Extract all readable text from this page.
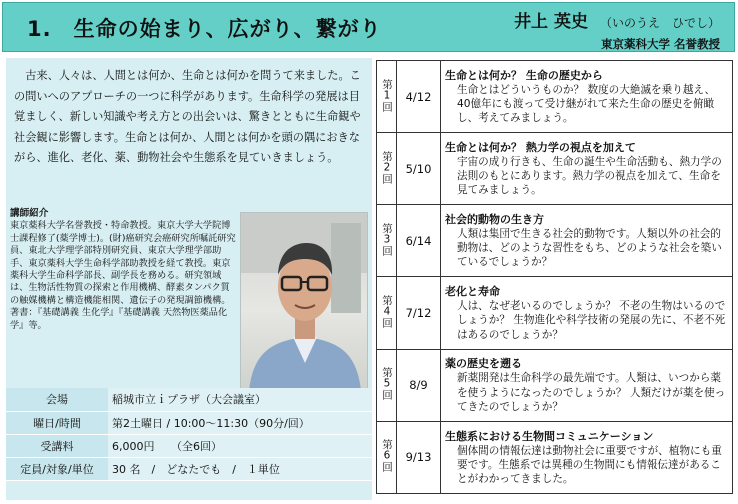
1.　生命の始まり、広がり、繋がり	井上 英史 （いのうえ　ひでし）
東京薬科大学 名誉教授
古来、人々は、人間とは何か、生命とは何かを問うて来ました。この問いへのアプローチの一つに科学があります。生命科学の発展は目覚ましく、新しい知識や考え方との出会いは、驚きとともに生命観や社会観に影響します。生命とは何か、人間とは何かを頭の隅におきながら、進化、老化、薬、動物社会や生態系を見ていきましょう。
講師紹介
東京薬科大学名誉教授・特命教授。東京大学大学院博士課程修了(薬学博士)。(財)癌研究会癌研究所嘱託研究員、東北大学理学部特別研究員、東京大学理学部助手、東京薬科大学生命科学部助教授を経て教授。東京薬科大学生命科学部長、副学長を務める。研究領域は、生物活性物質の探索と作用機構、酵素タンパク質の触媒機構と構造機能相関、遺伝子の発現調節機構。著書：『基礎講義 生化学』『基礎講義 天然物医薬品化学』等。
会場	稲城市立ｉプラザ（大会議室）
曜日/時間	第2土曜日 / 10:00～11:30（90分/回）
受講料	6,000円　　（全6回）
定員/対象/単位	30 名　/　どなたでも　/　１単位
第1回	4/12	生命とは何か？ 生命の歴史から
生命とはどういうものか？ 数度の大絶滅を乗り越え、40億年にも渡って受け継がれて来た生命の歴史を俯瞰し、考えてみましょう。

第2回	5/10	生命とは何か？ 熱力学の視点を加えて
宇宙の成り行きも、生命の誕生や生命活動も、熱力学の法則のもとにあります。熱力学の視点を加えて、生命を見てみましょう。

第3回	6/14	社会的動物の生き方
人類は集団で生きる社会的動物です。人類以外の社会的動物は、どのような習性をもち、どのような社会を築いているでしょうか？

第4回	7/12	老化と寿命
人は、なぜ老いるのでしょうか？ 不老の生物はいるのでしょうか？ 生物進化や科学技術の発展の先に、不老不死はあるのでしょうか？

第5回	8/9	薬の歴史を遡る
新薬開発は生命科学の最先端です。人類は、いつから薬を使うようになったのでしょうか？ 人類だけが薬を使ってきたのでしょうか？

第6回	9/13	生態系における生物間コミュニケーション
個体間の情報伝達は動物社会に重要ですが、植物にも重要です。生態系では異種の生物間にも情報伝達があることがわかってきました。
